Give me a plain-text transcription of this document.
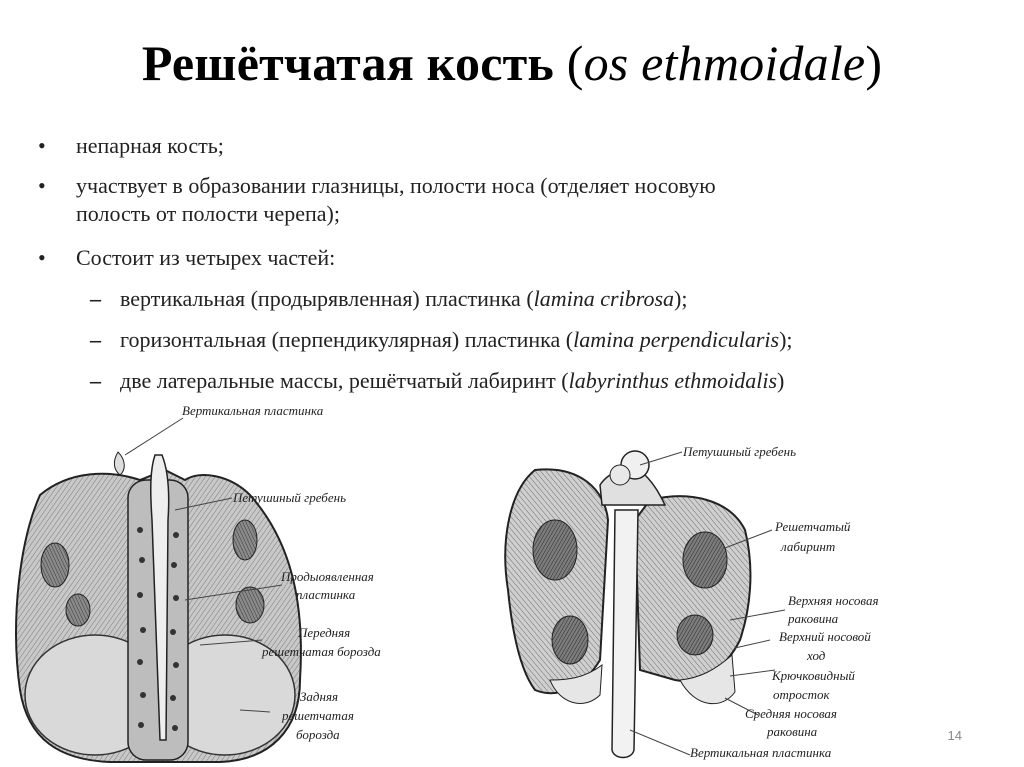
Решётчатая кость (os ethmoidale)
• непарная кость;
• участвует в образовании глазницы, полости носа (отделяет носовую
полость от полости черепа);
• Состоит из четырех частей:
– вертикальная (продырявленная) пластинка (lamina cribrosa);
– горизонтальная (перпендикулярная) пластинка (lamina perpendicularis);
– две латеральные массы, решётчатый лабиринт (labyrinthus ethmoidalis)
Вертикальная пластинка
Петушиный гребень
Продыоявленная
пластинка
Передняя
решетчатая борозда
Задняя
решетчатая
борозда
Петушиный гребень
Решетчатый
лабиринт
Верхняя носовая
раковина
Верхний носовой
ход
Крючковидный
отросток
Средняя носовая
раковина
Вертикальная пластинка
14
